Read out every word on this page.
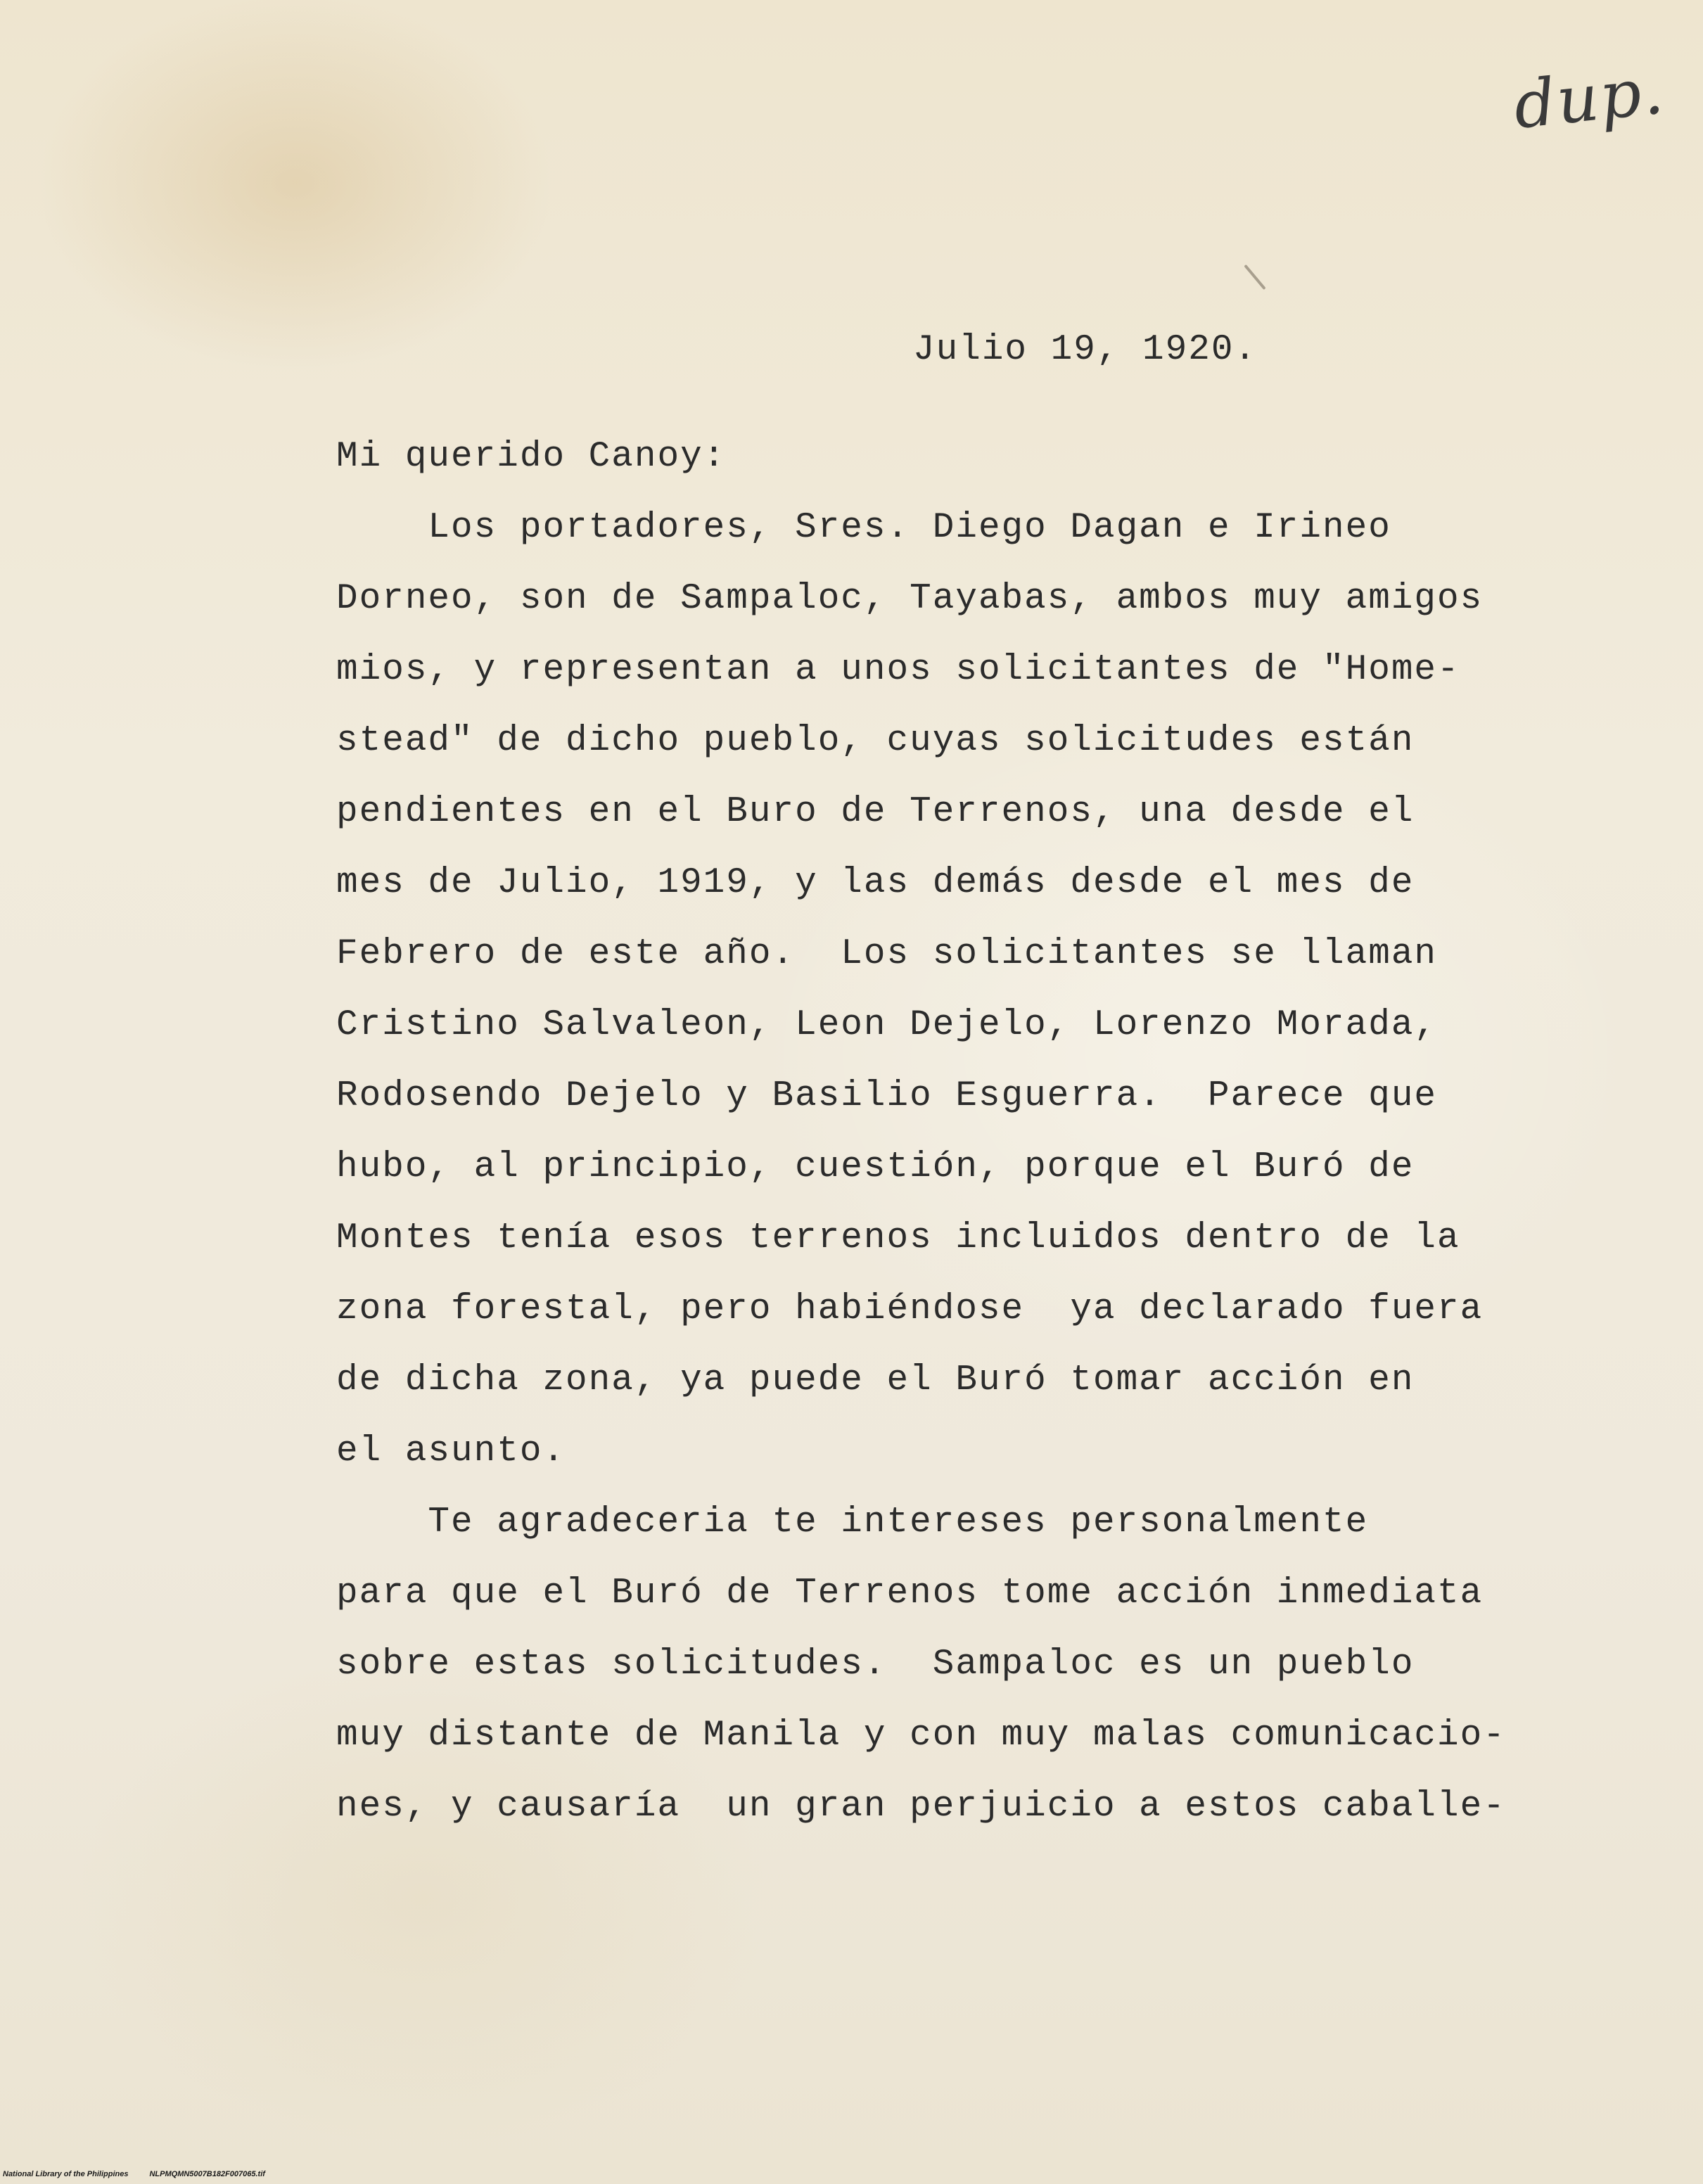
dup.
Julio 19, 1920.
Mi querido Canoy:
Los portadores, Sres. Diego Dagan e Irineo
Dorneo, son de Sampaloc, Tayabas, ambos muy amigos
mios, y representan a unos solicitantes de "Home-
stead" de dicho pueblo, cuyas solicitudes están
pendientes en el Buro de Terrenos, una desde el
mes de Julio, 1919, y las demás desde el mes de
Febrero de este año.  Los solicitantes se llaman
Cristino Salvaleon, Leon Dejelo, Lorenzo Morada,
Rodosendo Dejelo y Basilio Esguerra.  Parece que
hubo, al principio, cuestión, porque el Buró de
Montes tenía esos terrenos incluidos dentro de la
zona forestal, pero habiéndose  ya declarado fuera
de dicha zona, ya puede el Buró tomar acción en
el asunto.
Te agradeceria te intereses personalmente
para que el Buró de Terrenos tome acción inmediata
sobre estas solicitudes.  Sampaloc es un pueblo
muy distante de Manila y con muy malas comunicacio-
nes, y causaría  un gran perjuicio a estos caballe-
National Library of the Philippines	NLPMQMN5007B182F007065.tif
